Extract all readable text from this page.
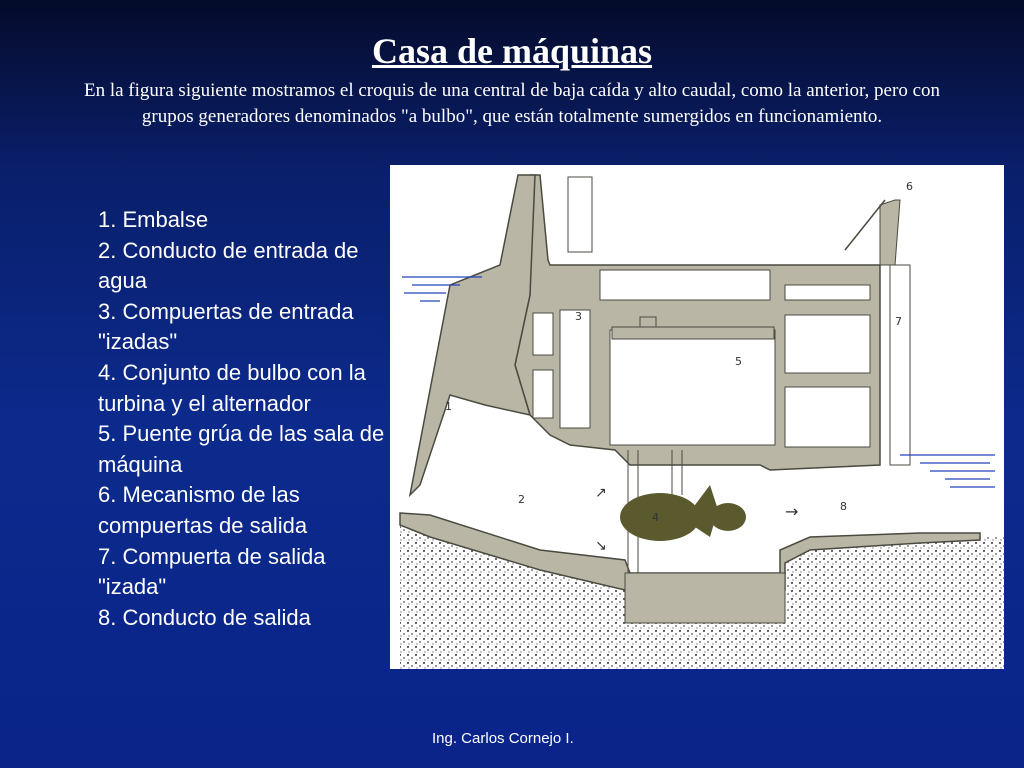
Casa de máquinas

En la figura siguiente mostramos el croquis de una central de baja caída y alto caudal, como la anterior, pero con grupos generadores denominados "a bulbo", que están totalmente sumergidos en funcionamiento.

1. Embalse
2. Conducto de entrada de agua
3. Compuertas de entrada "izadas"
4. Conjunto de bulbo con la turbina y el alternador
5. Puente grúa de las sala de máquina
6. Mecanismo de las compuertas de salida
7. Compuerta de salida "izada"
8. Conducto de salida
→
↗
↘
1
2
3
4
5
6
7
8
Ing. Carlos Cornejo I.
